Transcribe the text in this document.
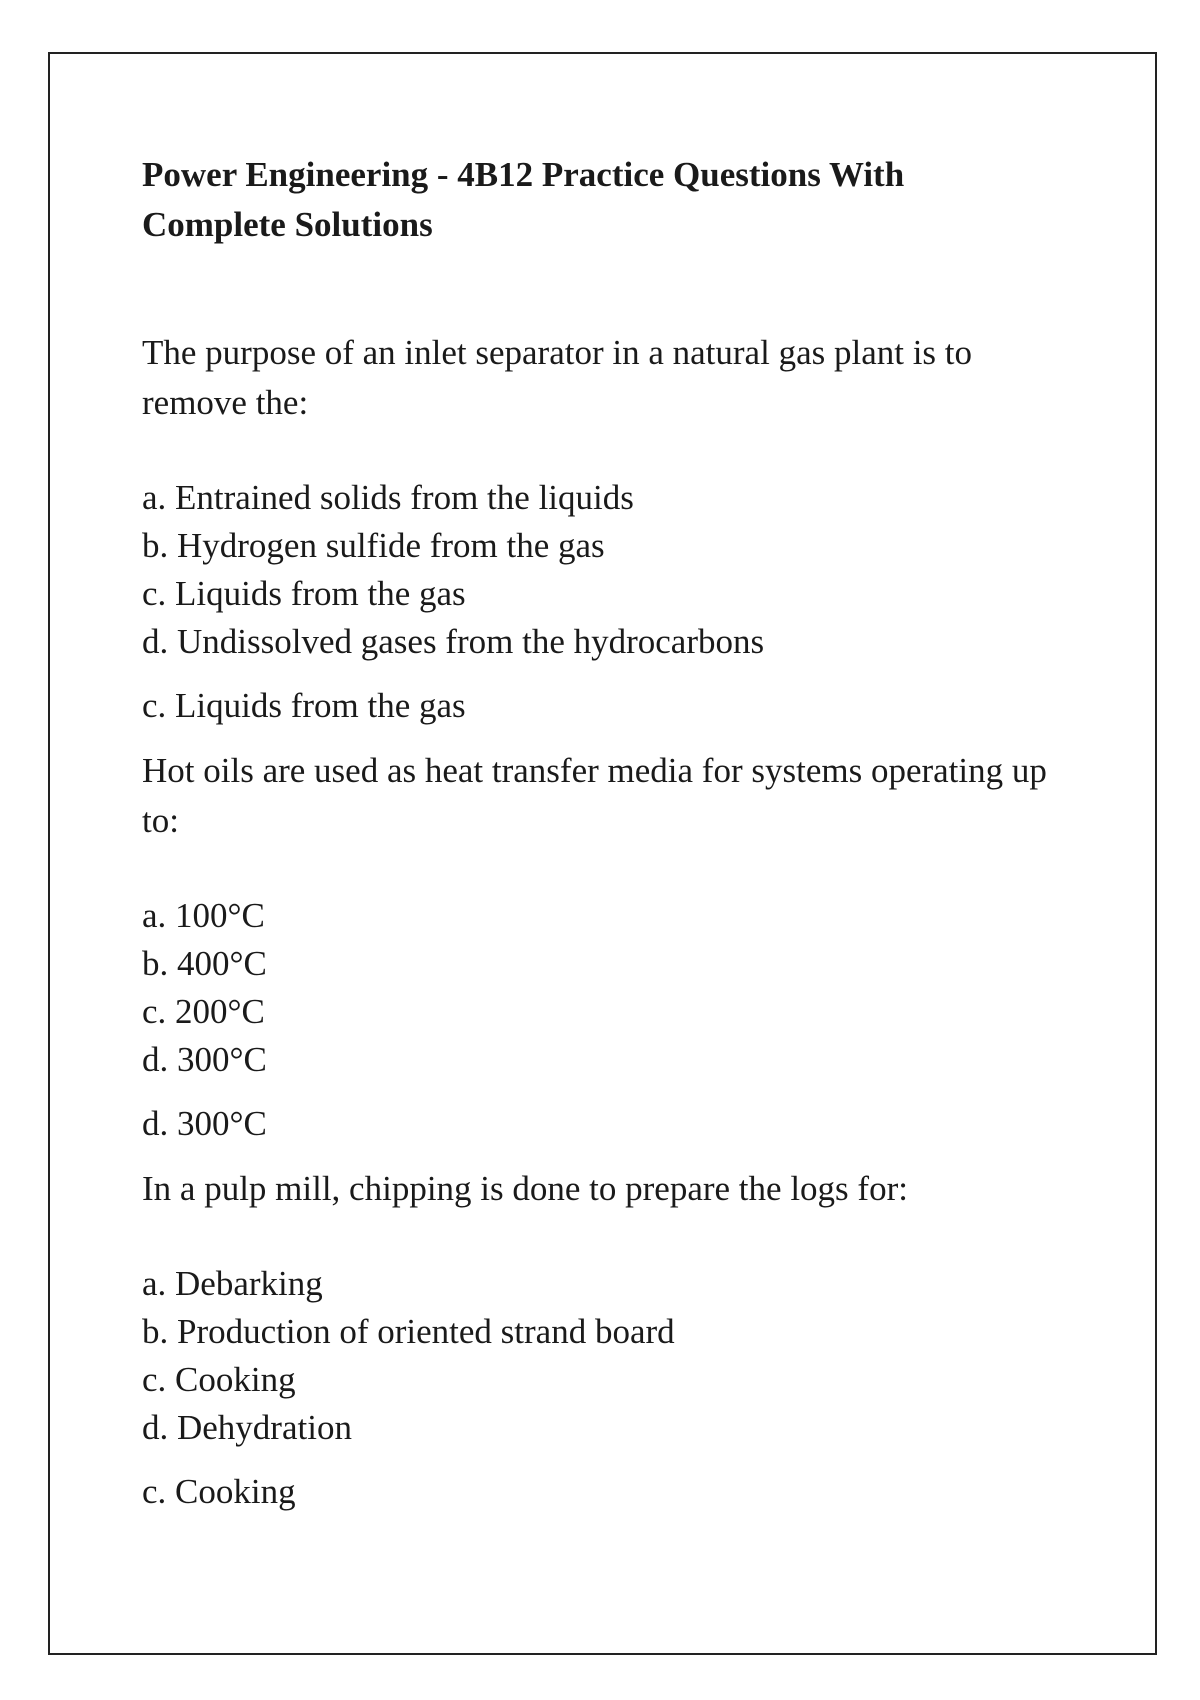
Power Engineering - 4B12 Practice Questions With Complete Solutions

The purpose of an inlet separator in a natural gas plant is to remove the:

a. Entrained solids from the liquids
b. Hydrogen sulfide from the gas
c. Liquids from the gas
d. Undissolved gases from the hydrocarbons

c. Liquids from the gas

Hot oils are used as heat transfer media for systems operating up to:

a. 100°C
b. 400°C
c. 200°C
d. 300°C

d. 300°C

In a pulp mill, chipping is done to prepare the logs for:

a. Debarking
b. Production of oriented strand board
c. Cooking
d. Dehydration

c. Cooking
